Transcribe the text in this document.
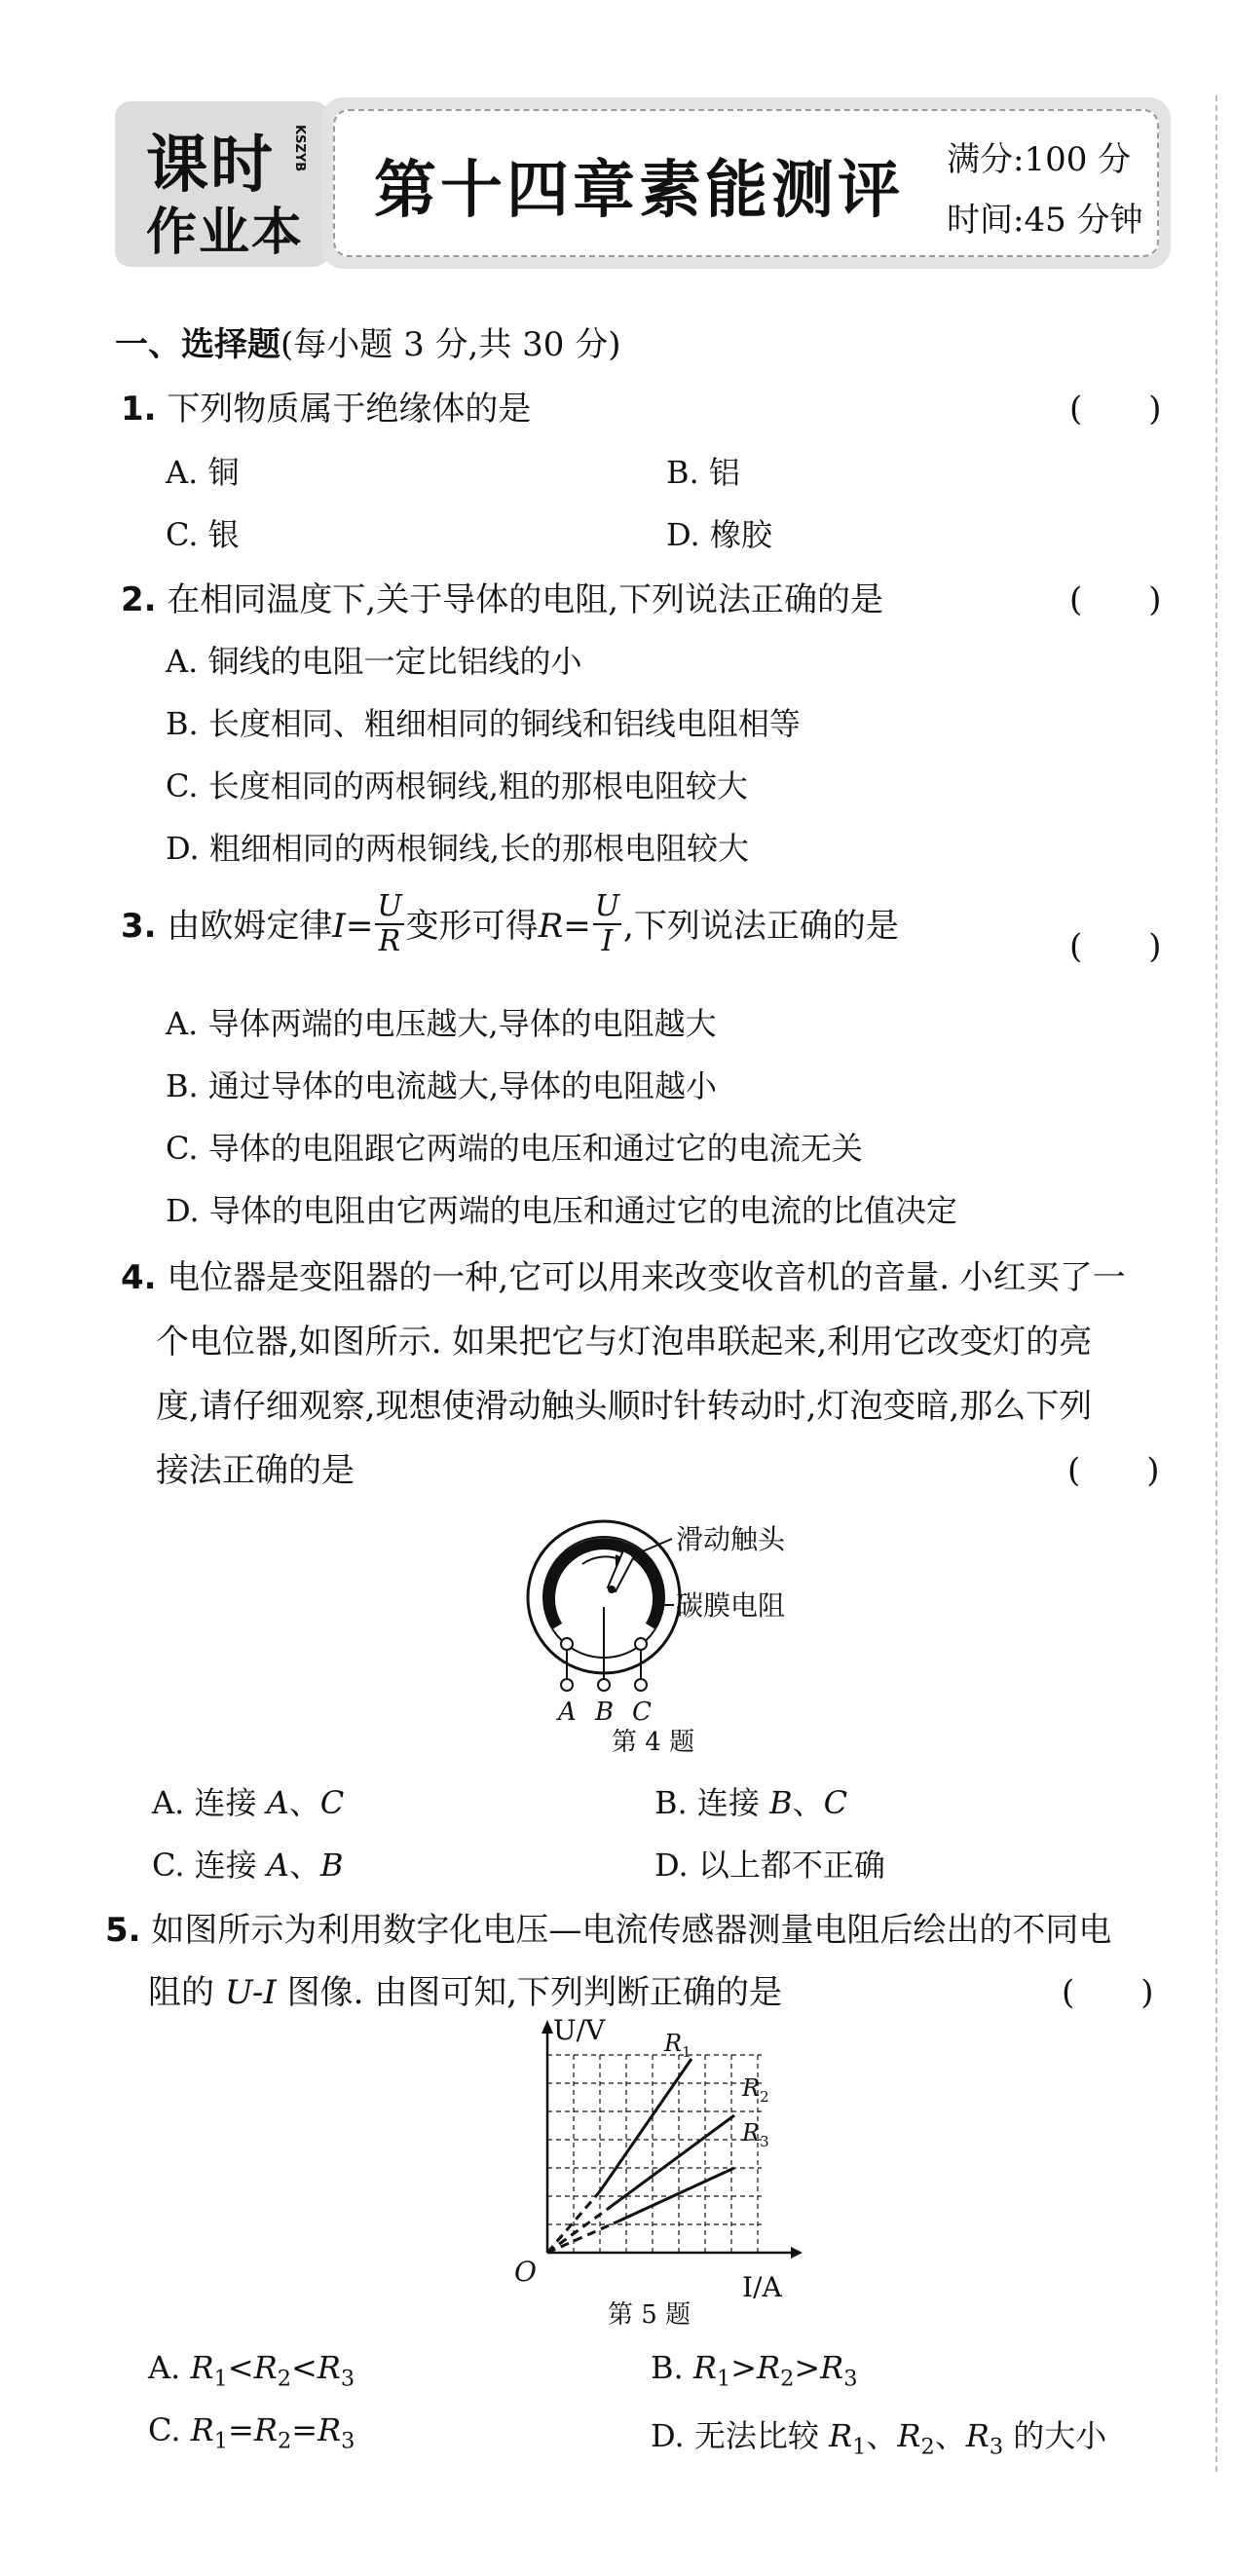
课时
作业本
KSZYB
第十四章素能测评 满分:100 分
时间:45 分钟
一、选择题(每小题 3 分,共 30 分)
1. 下列物质属于绝缘体的是	(　　)
A. 铜	B. 铝
C. 银	D. 橡胶
2. 在相同温度下,关于导体的电阻,下列说法正确的是	(　　)
A. 铜线的电阻一定比铝线的小
B. 长度相同、粗细相同的铜线和铝线电阻相等
C. 长度相同的两根铜线,粗的那根电阻较大
D. 粗细相同的两根铜线,长的那根电阻较大
3. 由欧姆定律$I= \frac{U}{R}$ 变形可得$R= \frac{U}{I}$ ,下列说法正确的是
(　　)
A. 导体两端的电压越大,导体的电阻越大
B. 通过导体的电流越大,导体的电阻越小
C. 导体的电阻跟它两端的电压和通过它的电流无关
D. 导体的电阻由它两端的电压和通过它的电流的比值决定
4. 电位器是变阻器的一种,它可以用来改变收音机的音量. 小红买了一
个电位器,如图所示. 如果把它与灯泡串联起来,利用它改变灯的亮
度,请仔细观察,现想使滑动触头顺时针转动时,灯泡变暗,那么下列
接法正确的是	(　　)
滑动触头
碳膜电阻
A B C
第 4 题
A. 连接 A、C	B. 连接 B、C
C. 连接 A、B	D. 以上都不正确
5. 如图所示为利用数字化电压—电流传感器测量电阻后绘出的不同电
阻的 U-I 图像. 由图可知,下列判断正确的是	(　　)
U/V
I/A
O
$R_1$
$R_2$
$R_3$
第 5 题
A. $R_1<R_2<R_3$	B. $R_1>R_2>R_3$
C. $R_1=R_2=R_3$	D. 无法比较 $R_1$、$R_2$、$R_3$ 的大小
